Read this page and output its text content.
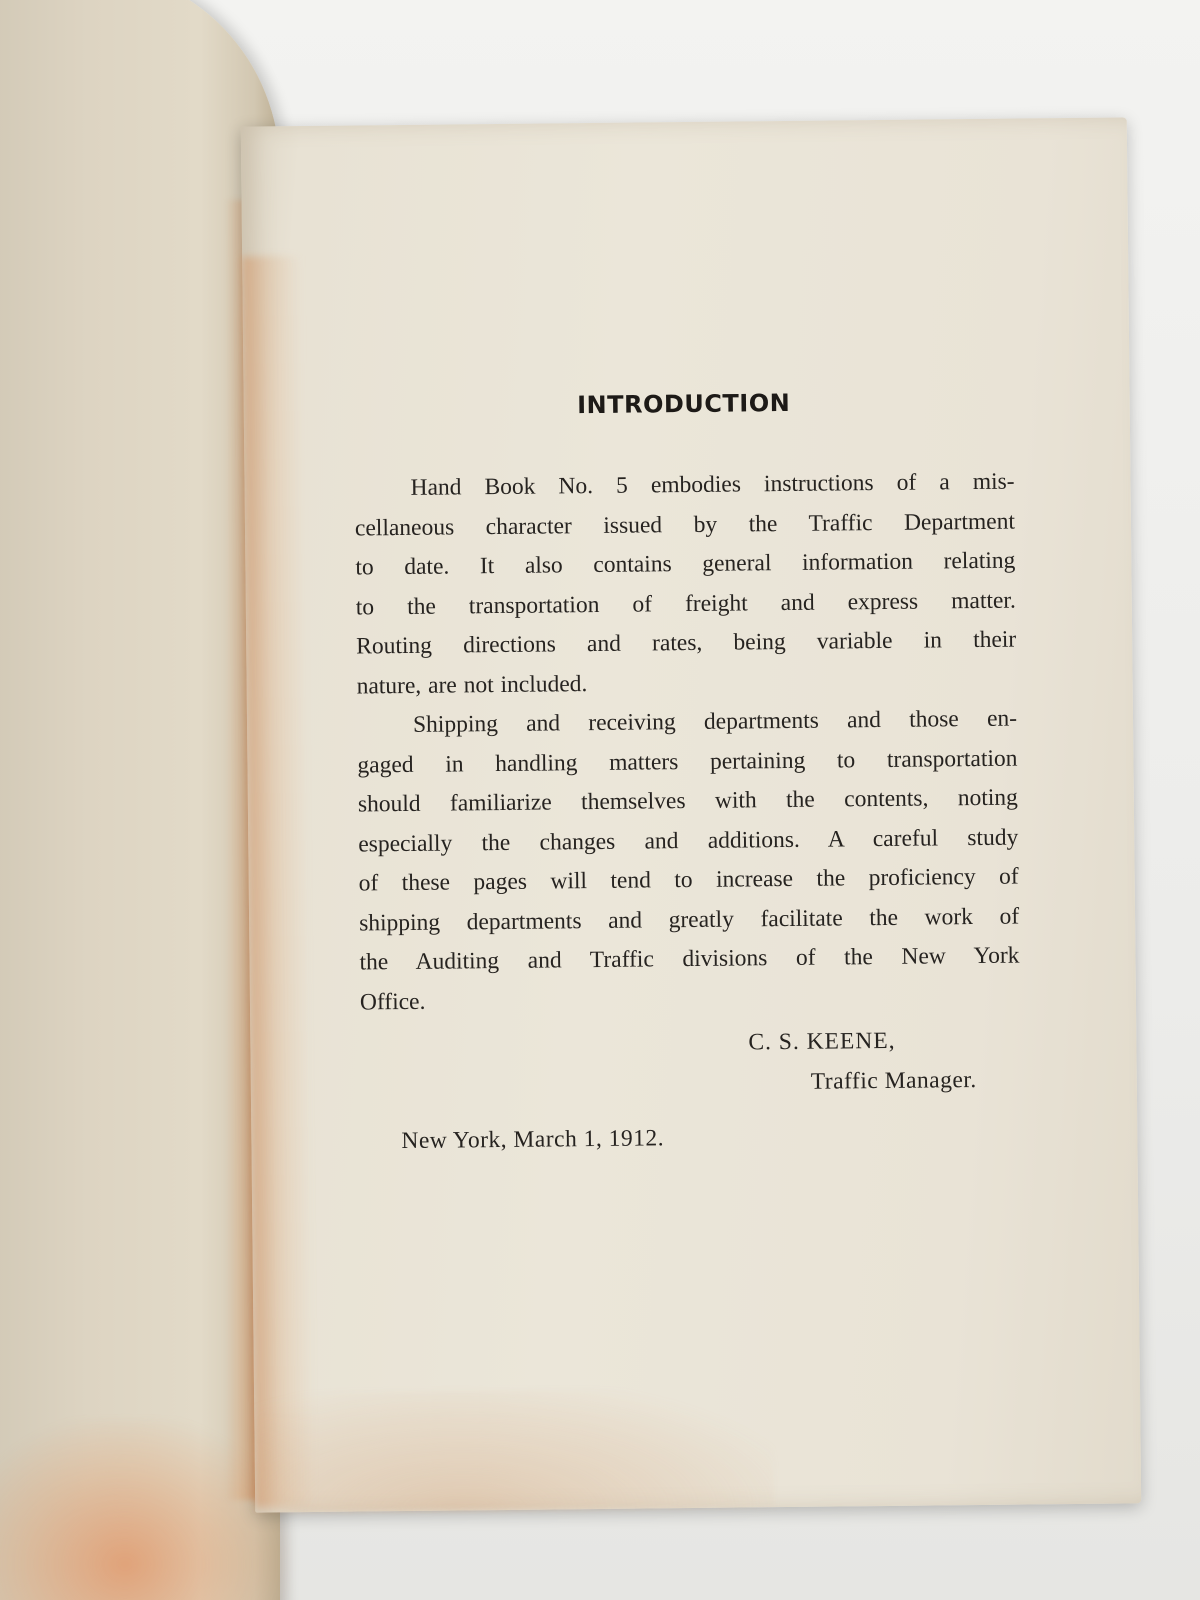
INTRODUCTION

Hand Book No. 5 embodies instructions of a mis-

cellaneous character issued by the Traffic Department

to date. It also contains general information relating

to the transportation of freight and express matter.

Routing directions and rates, being variable in their

nature, are not included.

Shipping and receiving departments and those en-

gaged in handling matters pertaining to transportation

should familiarize themselves with the contents, noting

especially the changes and additions. A careful study

of these pages will tend to increase the proficiency of

shipping departments and greatly facilitate the work of

the Auditing and Traffic divisions of the New York

Office.

C. S. KEENE,
Traffic Manager.
New York, March 1, 1912.
